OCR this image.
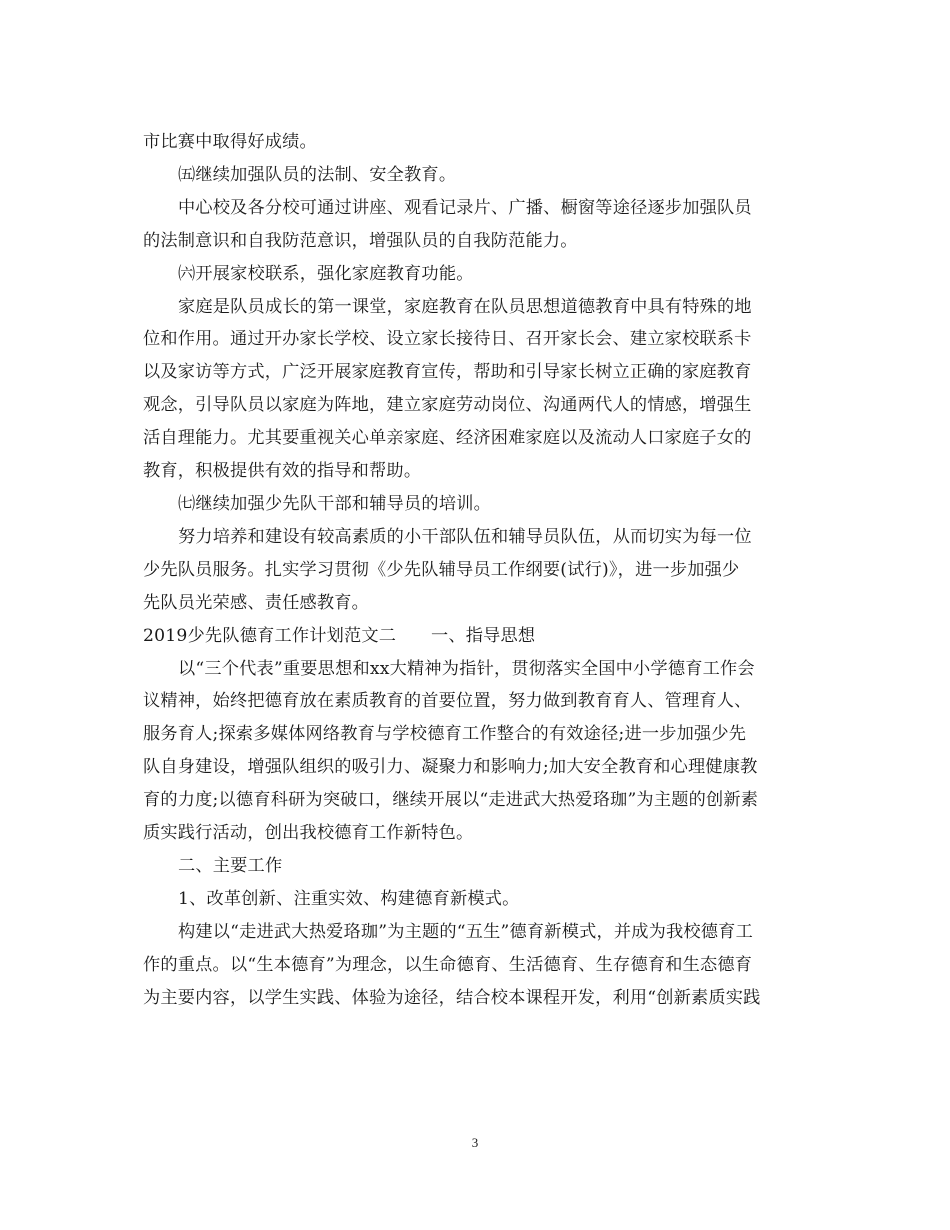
市比赛中取得好成绩。

㈤继续加强队员的法制、安全教育。

中心校及各分校可通过讲座、观看记录片、广播、橱窗等途径逐步加强队员

的法制意识和自我防范意识，增强队员的自我防范能力。

㈥开展家校联系，强化家庭教育功能。

家庭是队员成长的第一课堂，家庭教育在队员思想道德教育中具有特殊的地

位和作用。通过开办家长学校、设立家长接待日、召开家长会、建立家校联系卡

以及家访等方式，广泛开展家庭教育宣传，帮助和引导家长树立正确的家庭教育

观念，引导队员以家庭为阵地，建立家庭劳动岗位、沟通两代人的情感，增强生

活自理能力。尤其要重视关心单亲家庭、经济困难家庭以及流动人口家庭子女的

教育，积极提供有效的指导和帮助。

㈦继续加强少先队干部和辅导员的培训。

努力培养和建设有较高素质的小干部队伍和辅导员队伍，从而切实为每一位

少先队员服务。扎实学习贯彻《少先队辅导员工作纲要(试行)》，进一步加强少

先队员光荣感、责任感教育。

2019少先队德育工作计划范文二　　一、指导思想

以“三个代表”重要思想和xx大精神为指针，贯彻落实全国中小学德育工作会

议精神，始终把德育放在素质教育的首要位置，努力做到教育育人、管理育人、

服务育人;探索多媒体网络教育与学校德育工作整合的有效途径;进一步加强少先

队自身建设，增强队组织的吸引力、凝聚力和影响力;加大安全教育和心理健康教

育的力度;以德育科研为突破口，继续开展以“走进武大热爱珞珈”为主题的创新素

质实践行活动，创出我校德育工作新特色。

二、主要工作

1、改革创新、注重实效、构建德育新模式。

构建以“走进武大热爱珞珈”为主题的“五生”德育新模式，并成为我校德育工

作的重点。以“生本德育”为理念，以生命德育、生活德育、生存德育和生态德育

为主要内容，以学生实践、体验为途径，结合校本课程开发，利用“创新素质实践

3
